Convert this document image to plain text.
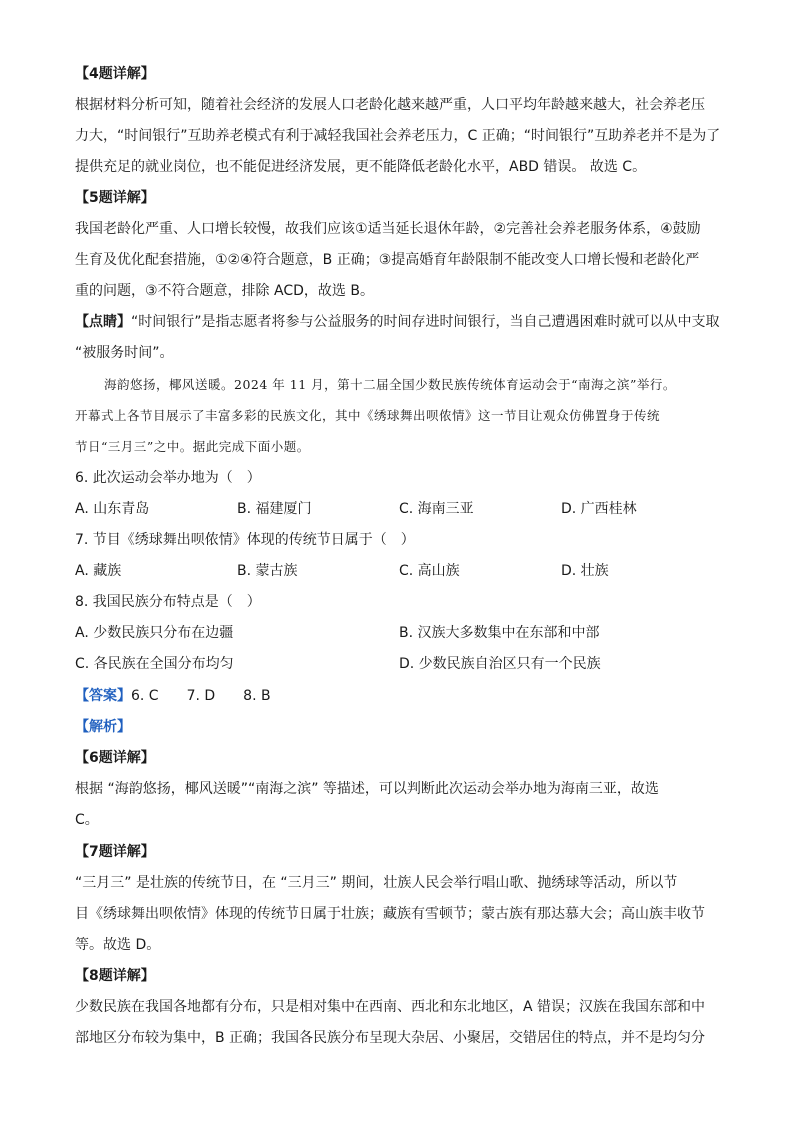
【4题详解】
根据材料分析可知，随着社会经济的发展人口老龄化越来越严重，人口平均年龄越来越大，社会养老压
力大，“时间银行”互助养老模式有利于减轻我国社会养老压力，C 正确；“时间银行”互助养老并不是为了
提供充足的就业岗位，也不能促进经济发展，更不能降低老龄化水平，ABD 错误。 故选 C。
【5题详解】
我国老龄化严重、人口增长较慢，故我们应该①适当延长退休年龄，②完善社会养老服务体系，④鼓励
生育及优化配套措施，①②④符合题意，B 正确；③提高婚育年龄限制不能改变人口增长慢和老龄化严
重的问题，③不符合题意，排除 ACD，故选 B。
【点睛】“时间银行”是指志愿者将参与公益服务的时间存进时间银行，当自己遭遇困难时就可以从中支取
“被服务时间”。
海韵悠扬，椰风送暖。2024 年 11 月，第十二届全国少数民族传统体育运动会于“南海之滨”举行。
开幕式上各节目展示了丰富多彩的民族文化，其中《绣球舞出呗侬情》这一节目让观众仿佛置身于传统
节日“三月三”之中。据此完成下面小题。
6. 此次运动会举办地为（　）
A. 山东青岛	B. 福建厦门	C. 海南三亚	D. 广西桂林
7. 节目《绣球舞出呗侬情》体现的传统节日属于（　）
A. 藏族	B. 蒙古族	C. 高山族	D. 壮族
8. 我国民族分布特点是（　）
A. 少数民族只分布在边疆	B. 汉族大多数集中在东部和中部
C. 各民族在全国分布均匀	D. 少数民族自治区只有一个民族
【答案】6. C　　7. D　　8. B
【解析】
【6题详解】
根据 “海韵悠扬，椰风送暖”“南海之滨” 等描述，可以判断此次运动会举办地为海南三亚，故选
C。
【7题详解】
“三月三” 是壮族的传统节日，在 “三月三” 期间，壮族人民会举行唱山歌、抛绣球等活动，所以节
目《绣球舞出呗侬情》体现的传统节日属于壮族；藏族有雪顿节；蒙古族有那达慕大会；高山族丰收节
等。故选 D。
【8题详解】
少数民族在我国各地都有分布，只是相对集中在西南、西北和东北地区，A 错误；汉族在我国东部和中
部地区分布较为集中，B 正确；我国各民族分布呈现大杂居、小聚居，交错居住的特点，并不是均匀分
